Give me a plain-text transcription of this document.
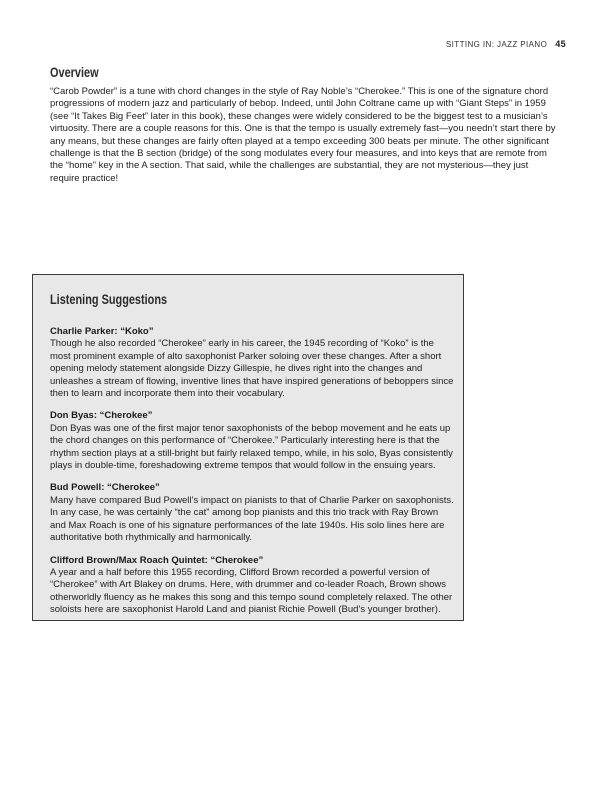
SITTING IN: JAZZ PIANO 45
Overview

“Carob Powder” is a tune with chord changes in the style of Ray Noble’s “Cherokee.” This is one of the signature chord progressions of modern jazz and particularly of bebop. Indeed, until John Coltrane came up with “Giant Steps” in 1959 (see “It Takes Big Feet” later in this book), these changes were widely considered to be the biggest test to a musician’s virtuosity. There are a couple reasons for this. One is that the tempo is usually extremely fast—you needn’t start there by any means, but these changes are fairly often played at a tempo exceeding 300 beats per minute. The other significant challenge is that the B section (bridge) of the song modulates every four measures, and into keys that are remote from the “home” key in the A section. That said, while the challenges are substantial, they are not mysterious—they just require practice!

Listening Suggestions
Charlie Parker: “Koko”

Though he also recorded “Cherokee” early in his career, the 1945 recording of “Koko” is the most prominent example of alto saxophonist Parker soloing over these changes. After a short opening melody statement alongside Dizzy Gillespie, he dives right into the changes and unleashes a stream of flowing, inventive lines that have inspired generations of beboppers since then to learn and incorporate them into their vocabulary.

Don Byas: “Cherokee”

Don Byas was one of the first major tenor saxophonists of the bebop movement and he eats up the chord changes on this performance of “Cherokee.” Particularly interesting here is that the rhythm section plays at a still-bright but fairly relaxed tempo, while, in his solo, Byas consistently plays in double-time, foreshadowing extreme tempos that would follow in the ensuing years.

Bud Powell: “Cherokee”

Many have compared Bud Powell’s impact on pianists to that of Charlie Parker on saxophonists. In any case, he was certainly “the cat” among bop pianists and this trio track with Ray Brown and Max Roach is one of his signature performances of the late 1940s. His solo lines here are authoritative both rhythmically and harmonically.

Clifford Brown/Max Roach Quintet: “Cherokee”

A year and a half before this 1955 recording, Clifford Brown recorded a powerful version of “Cherokee” with Art Blakey on drums. Here, with drummer and co-leader Roach, Brown shows otherworldly fluency as he makes this song and this tempo sound completely relaxed. The other soloists here are saxophonist Harold Land and pianist Richie Powell (Bud’s younger brother).
